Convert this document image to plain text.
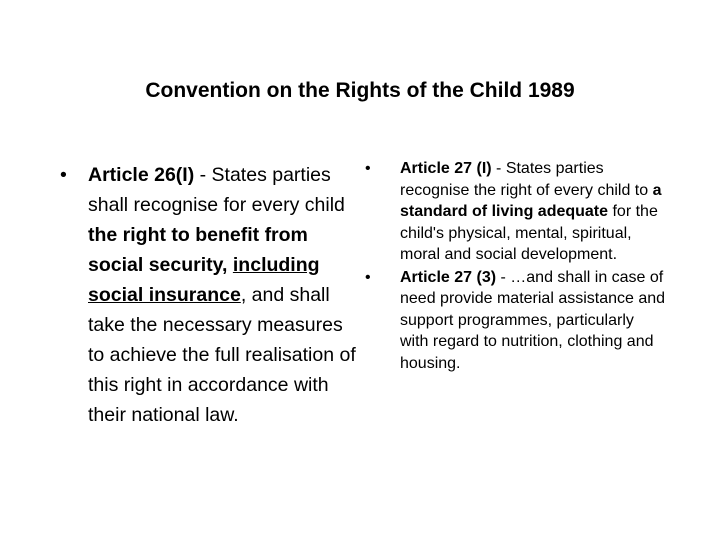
Convention on the Rights of the Child 1989
• Article 26(I) - States parties shall recognise for every child the right to benefit from social security, including social insurance, and shall take the necessary measures to achieve the full realisation of this right in accordance with their national law.
• Article 27 (I) - States parties recognise the right of every child to a standard of living adequate for the child's physical, mental, spiritual, moral and social development.
• Article 27 (3) - …and shall in case of need provide material assistance and support programmes, particularly with regard to nutrition, clothing and housing.
